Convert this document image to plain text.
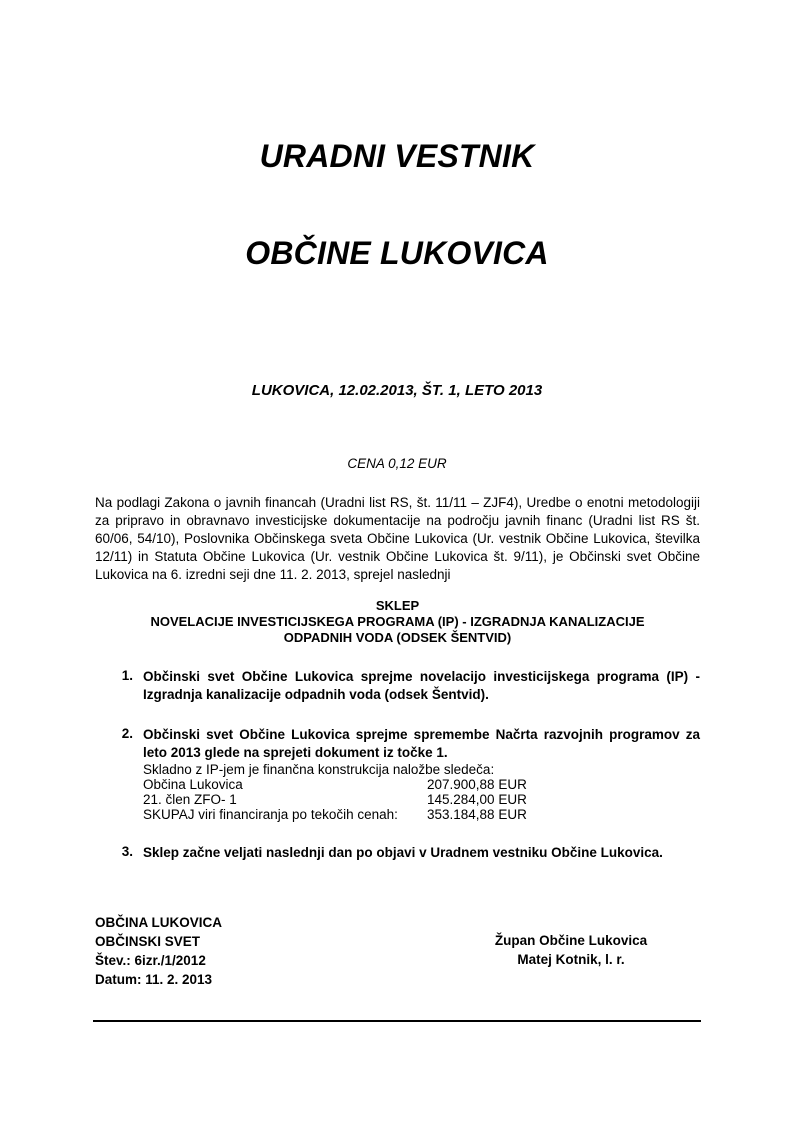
URADNI VESTNIK
OBČINE LUKOVICA
LUKOVICA, 12.02.2013, ŠT. 1, LETO 2013
CENA 0,12 EUR
Na podlagi Zakona o javnih financah (Uradni list RS, št. 11/11 – ZJF4), Uredbe o enotni metodologiji za pripravo in obravnavo investicijske dokumentacije na področju javnih financ (Uradni list RS št. 60/06, 54/10), Poslovnika Občinskega sveta Občine Lukovica (Ur. vestnik Občine Lukovica, številka 12/11) in Statuta Občine Lukovica (Ur. vestnik Občine Lukovica št. 9/11), je Občinski svet Občine Lukovica na 6. izredni seji dne 11. 2. 2013, sprejel naslednji
SKLEP
NOVELACIJE INVESTICIJSKEGA PROGRAMA (IP) - IZGRADNJA KANALIZACIJE
ODPADNIH VODA (ODSEK ŠENTVID)
1. Občinski svet Občine Lukovica sprejme novelacijo investicijskega programa (IP) - Izgradnja kanalizacije odpadnih voda (odsek Šentvid).
2. Občinski svet Občine Lukovica sprejme spremembe Načrta razvojnih programov za leto 2013 glede na sprejeti dokument iz točke 1.
Skladno z IP-jem je finančna konstrukcija naložbe sledeča:
Občina Lukovica	207.900,88 EUR
21. člen ZFO- 1	145.284,00 EUR
SKUPAJ viri financiranja po tekočih cenah:	353.184,88 EUR
3. Sklep začne veljati naslednji dan po objavi v Uradnem vestniku Občine Lukovica.
OBČINA LUKOVICA
OBČINSKI SVET
Štev.: 6izr./1/2012
Datum: 11. 2. 2013
Župan Občine Lukovica
Matej Kotnik, l. r.
